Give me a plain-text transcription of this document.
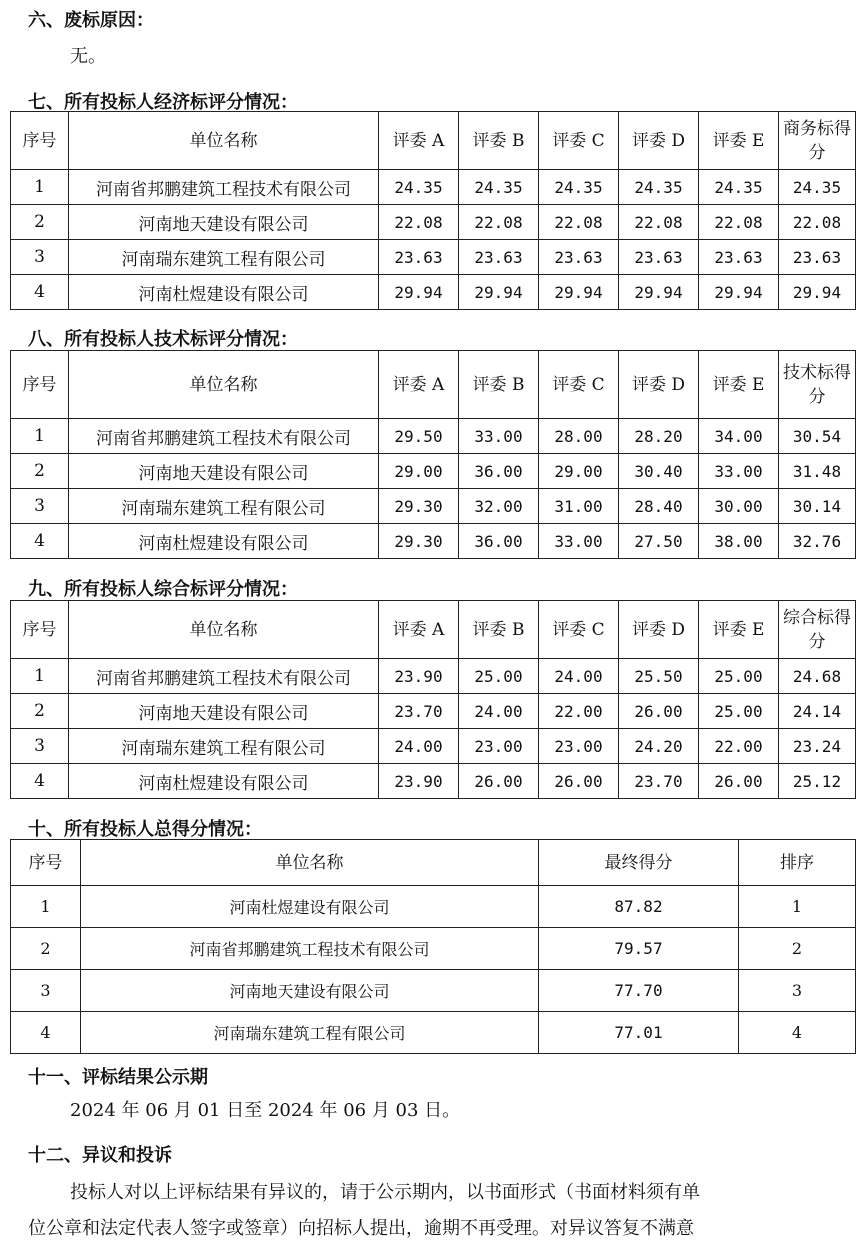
六、废标原因：
无。
七、所有投标人经济标评分情况：
序号	单位名称	评委 A	评委 B	评委 C	评委 D	评委 E	商务标得分
1	河南省邦鹏建筑工程技术有限公司	24.35	24.35	24.35	24.35	24.35	24.35
2	河南地天建设有限公司	22.08	22.08	22.08	22.08	22.08	22.08
3	河南瑞东建筑工程有限公司	23.63	23.63	23.63	23.63	23.63	23.63
4	河南杜煜建设有限公司	29.94	29.94	29.94	29.94	29.94	29.94
八、所有投标人技术标评分情况：
序号	单位名称	评委 A	评委 B	评委 C	评委 D	评委 E	技术标得分
1	河南省邦鹏建筑工程技术有限公司	29.50	33.00	28.00	28.20	34.00	30.54
2	河南地天建设有限公司	29.00	36.00	29.00	30.40	33.00	31.48
3	河南瑞东建筑工程有限公司	29.30	32.00	31.00	28.40	30.00	30.14
4	河南杜煜建设有限公司	29.30	36.00	33.00	27.50	38.00	32.76
九、所有投标人综合标评分情况：
序号	单位名称	评委 A	评委 B	评委 C	评委 D	评委 E	综合标得分
1	河南省邦鹏建筑工程技术有限公司	23.90	25.00	24.00	25.50	25.00	24.68
2	河南地天建设有限公司	23.70	24.00	22.00	26.00	25.00	24.14
3	河南瑞东建筑工程有限公司	24.00	23.00	23.00	24.20	22.00	23.24
4	河南杜煜建设有限公司	23.90	26.00	26.00	23.70	26.00	25.12
十、所有投标人总得分情况：
序号	单位名称	最终得分	排序
1	河南杜煜建设有限公司	87.82	1
2	河南省邦鹏建筑工程技术有限公司	79.57	2
3	河南地天建设有限公司	77.70	3
4	河南瑞东建筑工程有限公司	77.01	4
十一、评标结果公示期
2024 年 06 月 01 日至 2024 年 06 月 03 日。
十二、异议和投诉
投标人对以上评标结果有异议的，请于公示期内，以书面形式（书面材料须有单
位公章和法定代表人签字或签章）向招标人提出，逾期不再受理。对异议答复不满意
